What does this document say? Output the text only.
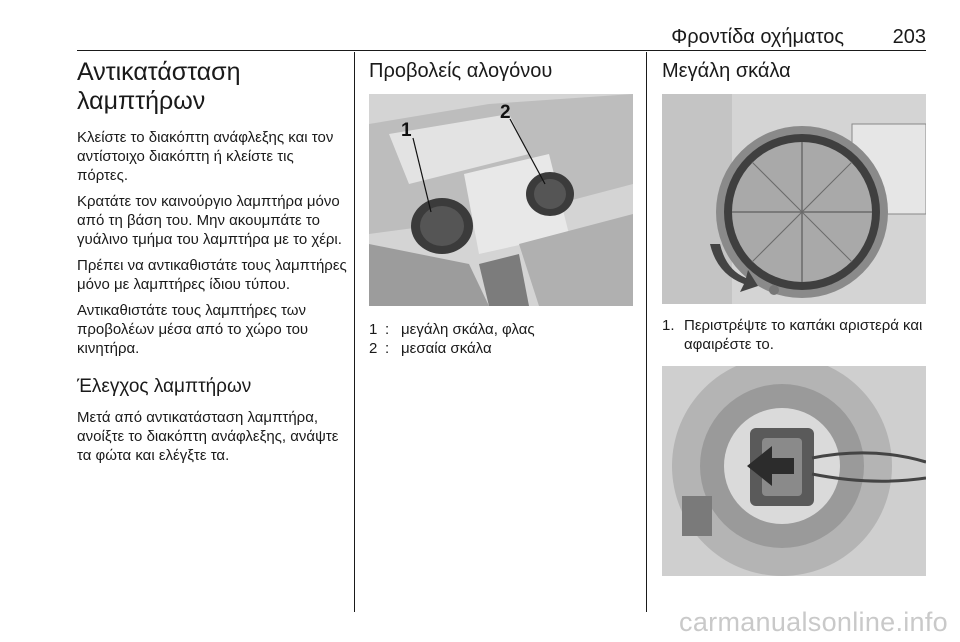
Φροντίδα οχήματος 203
Αντικατάσταση λαμπτήρων

Κλείστε το διακόπτη ανάφλεξης και τον αντίστοιχο διακόπτη ή κλείστε τις πόρτες.

Κρατάτε τον καινούργιο λαμπτήρα μόνο από τη βάση του. Μην ακουμπάτε το γυάλινο τμήμα του λαμπτήρα με το χέρι.

Πρέπει να αντικαθιστάτε τους λαμπτήρες μόνο με λαμπτήρες ίδιου τύπου.

Αντικαθιστάτε τους λαμπτήρες των προβολέων μέσα από το χώρο του κινητήρα.

Έλεγχος λαμπτήρων

Μετά από αντικατάσταση λαμπτήρα, ανοίξτε το διακόπτη ανάφλεξης, ανάψτε τα φώτα και ελέγξτε τα.

Προβολείς αλογόνου
1
2
1 : μεγάλη σκάλα, φλας
2 : μεσαία σκάλα
Μεγάλη σκάλα
1. Περιστρέψτε το καπάκι αριστερά και αφαιρέστε το.
carmanualsonline.info
